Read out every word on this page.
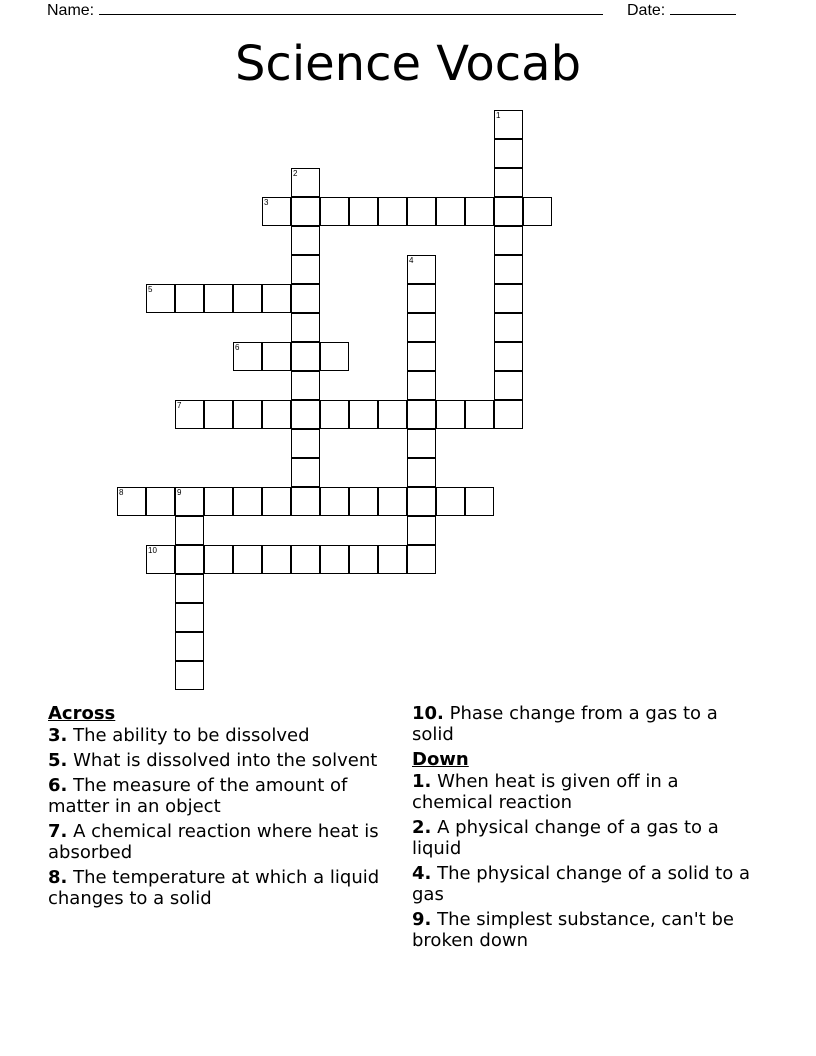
Name:	Date:
Science Vocab
1
2
3
4
5
6
7
8	9
10
Across
3. The ability to be dissolved
5. What is dissolved into the solvent
6. The measure of the amount of matter in an object
7. A chemical reaction where heat is absorbed
8. The temperature at which a liquid changes to a solid
10. Phase change from a gas to a solid
Down
1. When heat is given off in a chemical reaction
2. A physical change of a gas to a liquid
4. The physical change of a solid to a gas
9. The simplest substance, can't be broken down
